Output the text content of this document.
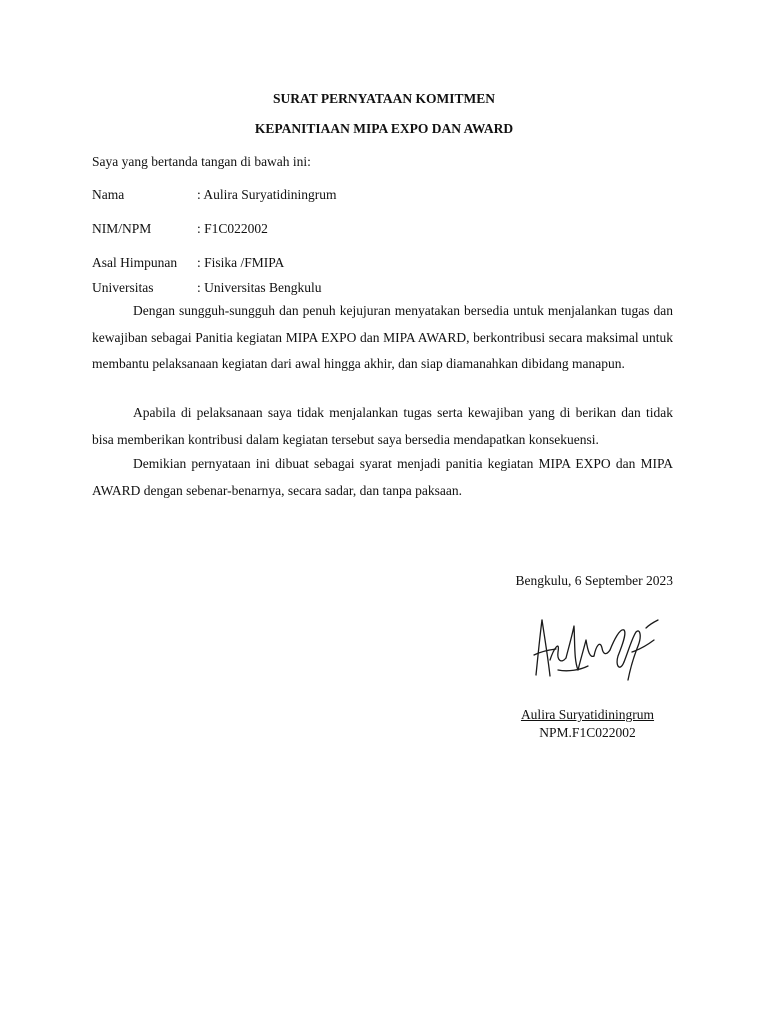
SURAT PERNYATAAN KOMITMEN
KEPANITIAAN MIPA EXPO DAN AWARD
Saya yang bertanda tangan di bawah ini:
Nama	: Aulira Suryatidiningrum
NIM/NPM	: F1C022002
Asal Himpunan : Fisika /FMIPA
Universitas	: Universitas Bengkulu

Dengan sungguh-sungguh dan penuh kejujuran menyatakan bersedia untuk menjalankan tugas dan kewajiban sebagai Panitia kegiatan MIPA EXPO dan MIPA AWARD, berkontribusi secara maksimal untuk membantu pelaksanaan kegiatan dari awal hingga akhir, dan siap diamanahkan dibidang manapun.

Apabila di pelaksanaan saya tidak menjalankan tugas serta kewajiban yang di berikan dan tidak bisa memberikan kontribusi dalam kegiatan tersebut saya bersedia mendapatkan konsekuensi.

Demikian pernyataan ini dibuat sebagai syarat menjadi panitia kegiatan MIPA EXPO dan MIPA AWARD dengan sebenar-benarnya, secara sadar, dan tanpa paksaan.

Bengkulu, 6 September 2023
Aulira Suryatidiningrum
NPM.F1C022002
